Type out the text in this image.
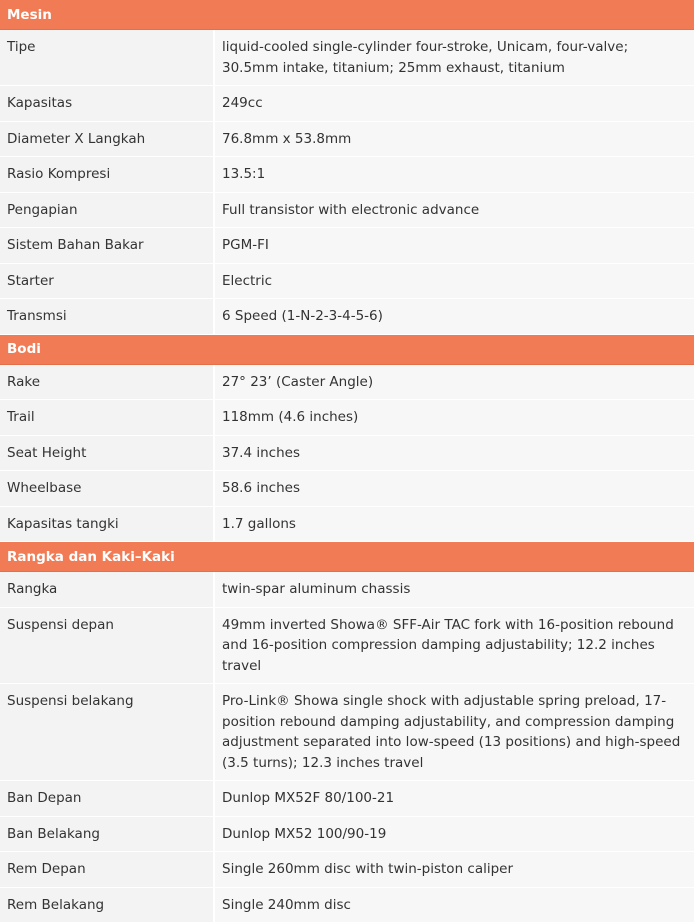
Mesin	
Tipe	liquid-cooled single-cylinder four-stroke, Unicam, four-valve; 30.5mm intake, titanium; 25mm exhaust, titanium
Kapasitas	249cc
Diameter X Langkah	76.8mm x 53.8mm
Rasio Kompresi	13.5:1
Pengapian	Full transistor with electronic advance
Sistem Bahan Bakar	PGM-FI
Starter	Electric
Transmsi	6 Speed (1-N-2-3-4-5-6)
Bodi	
Rake	27° 23’ (Caster Angle)
Trail	118mm (4.6 inches)
Seat Height	37.4 inches
Wheelbase	58.6 inches
Kapasitas tangki	1.7 gallons
Rangka dan Kaki–Kaki	
Rangka	twin-spar aluminum chassis
Suspensi depan	49mm inverted Showa® SFF-Air TAC fork with 16-position rebound and 16-position compression damping adjustability; 12.2 inches travel
Suspensi belakang	Pro-Link® Showa single shock with adjustable spring preload, 17-position rebound damping adjustability, and compression damping adjustment separated into low-speed (13 positions) and high-speed (3.5 turns); 12.3 inches travel
Ban Depan	Dunlop MX52F 80/100-21
Ban Belakang	Dunlop MX52 100/90-19
Rem Depan	Single 260mm disc with twin-piston caliper
Rem Belakang	Single 240mm disc
